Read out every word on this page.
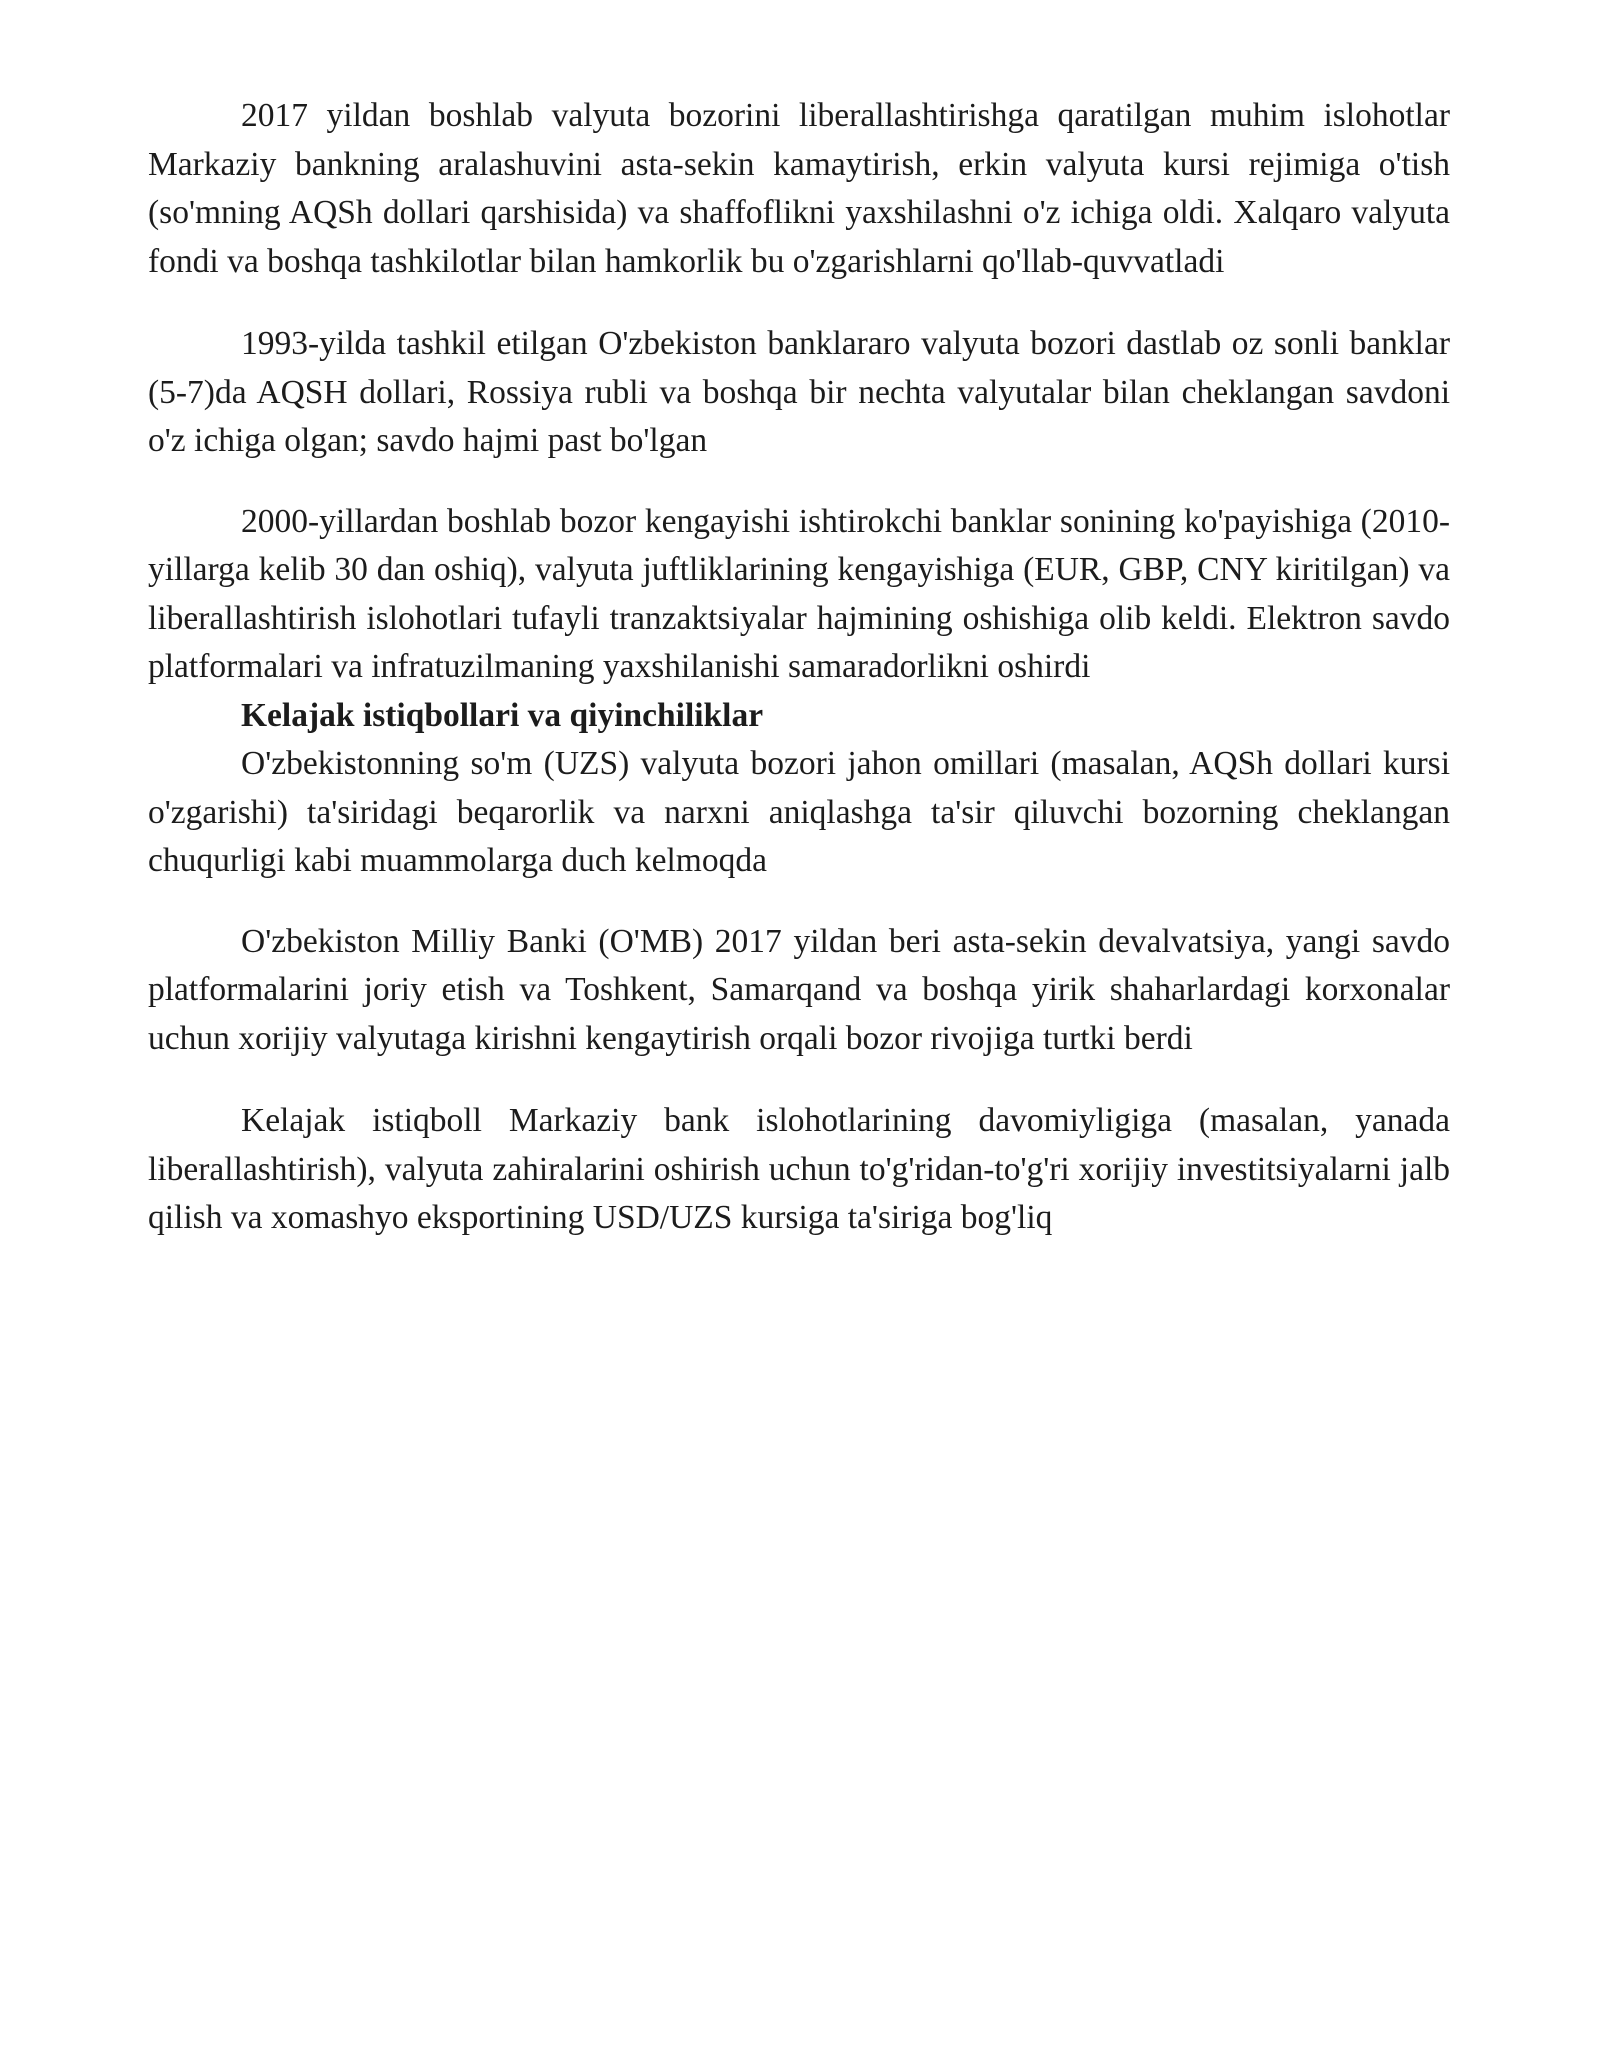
2017 yildan boshlab valyuta bozorini liberallashtirishga qaratilgan muhim islohotlar Markaziy bankning aralashuvini asta-sekin kamaytirish, erkin valyuta kursi rejimiga o'tish (so'mning AQSh dollari qarshisida) va shaffoflikni yaxshilashni o'z ichiga oldi. Xalqaro valyuta fondi va boshqa tashkilotlar bilan hamkorlik bu o'zgarishlarni qo'llab-quvvatladi

1993-yilda tashkil etilgan O'zbekiston banklararo valyuta bozori dastlab oz sonli banklar (5-7)da AQSH dollari, Rossiya rubli va boshqa bir nechta valyutalar bilan cheklangan savdoni o'z ichiga olgan; savdo hajmi past bo'lgan

2000-yillardan boshlab bozor kengayishi ishtirokchi banklar sonining ko'payishiga (2010-yillarga kelib 30 dan oshiq), valyuta juftliklarining kengayishiga (EUR, GBP, CNY kiritilgan) va liberallashtirish islohotlari tufayli tranzaktsiyalar hajmining oshishiga olib keldi. Elektron savdo platformalari va infratuzilmaning yaxshilanishi samaradorlikni oshirdi

Kelajak istiqbollari va qiyinchiliklar

O'zbekistonning so'm (UZS) valyuta bozori jahon omillari (masalan, AQSh dollari kursi o'zgarishi) ta'siridagi beqarorlik va narxni aniqlashga ta'sir qiluvchi bozorning cheklangan chuqurligi kabi muammolarga duch kelmoqda

O'zbekiston Milliy Banki (O'MB) 2017 yildan beri asta-sekin devalvatsiya, yangi savdo platformalarini joriy etish va Toshkent, Samarqand va boshqa yirik shaharlardagi korxonalar uchun xorijiy valyutaga kirishni kengaytirish orqali bozor rivojiga turtki berdi

Kelajak istiqboll Markaziy bank islohotlarining davomiyligiga (masalan, yanada liberallashtirish), valyuta zahiralarini oshirish uchun to'g'ridan-to'g'ri xorijiy investitsiyalarni jalb qilish va xomashyo eksportining USD/UZS kursiga ta'siriga bog'liq
